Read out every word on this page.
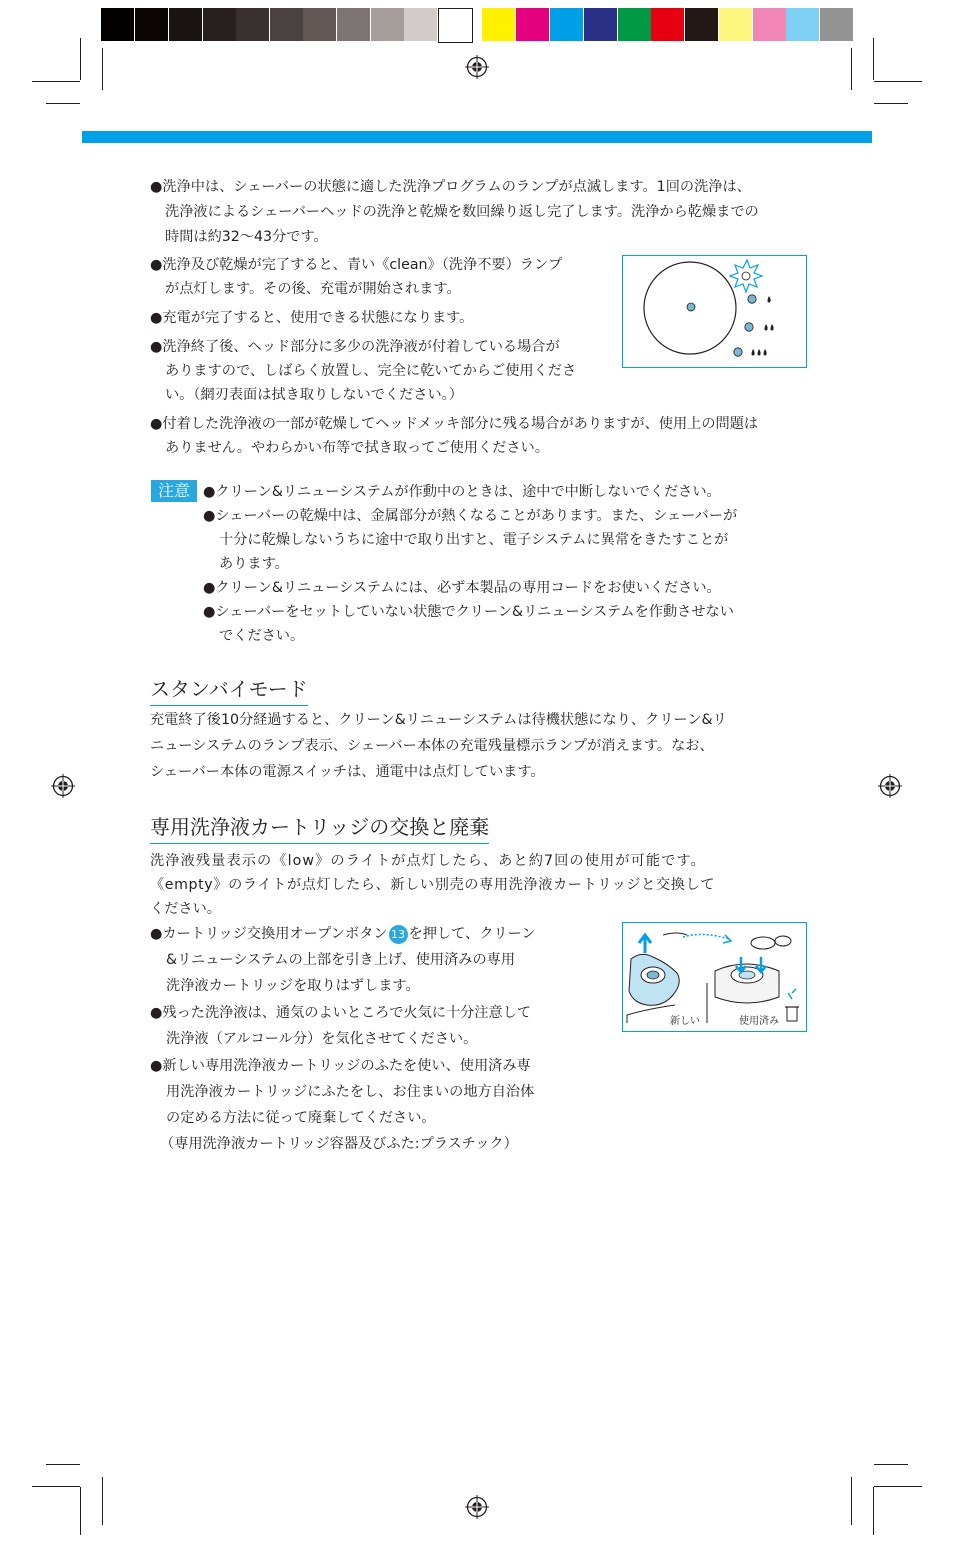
●洗浄中は、シェーバーの状態に適した洗浄プログラムのランプが点滅します。1回の洗浄は、
洗浄液によるシェーバーヘッドの洗浄と乾燥を数回繰り返し完了します。洗浄から乾燥までの
時間は約32〜43分です。
●洗浄及び乾燥が完了すると、青い《clean》（洗浄不要）ランプ
が点灯します。その後、充電が開始されます。
●充電が完了すると、使用できる状態になります。
●洗浄終了後、ヘッド部分に多少の洗浄液が付着している場合が
ありますので、しばらく放置し、完全に乾いてからご使用くださ
い。（網刃表面は拭き取りしないでください。）
●付着した洗浄液の一部が乾燥してヘッドメッキ部分に残る場合がありますが、使用上の問題は
ありません。やわらかい布等で拭き取ってご使用ください。
注意 ●クリーン&リニューシステムが作動中のときは、途中で中断しないでください。
●シェーバーの乾燥中は、金属部分が熱くなることがあります。また、シェーバーが
十分に乾燥しないうちに途中で取り出すと、電子システムに異常をきたすことが
あります。
●クリーン&リニューシステムには、必ず本製品の専用コードをお使いください。
●シェーバーをセットしていない状態でクリーン&リニューシステムを作動させない
でください。
スタンバイモード
充電終了後10分経過すると、クリーン&リニューシステムは待機状態になり、クリーン&リ
ニューシステムのランプ表示、シェーバー本体の充電残量標示ランプが消えます。なお、
シェーバー本体の電源スイッチは、通電中は点灯しています。
専用洗浄液カートリッジの交換と廃棄
洗浄液残量表示の《low》のライトが点灯したら、あと約7回の使用が可能です。
《empty》のライトが点灯したら、新しい別売の専用洗浄液カートリッジと交換して
ください。
●カートリッジ交換用オープンボタン 13 を押して、クリーン
&リニューシステムの上部を引き上げ、使用済みの専用
洗浄液カートリッジを取りはずします。
●残った洗浄液は、通気のよいところで火気に十分注意して
洗浄液（アルコール分）を気化させてください。
●新しい専用洗浄液カートリッジのふたを使い、使用済み専
用洗浄液カートリッジにふたをし、お住まいの地方自治体
の定める方法に従って廃棄してください。
（専用洗浄液カートリッジ容器及びふた:プラスチック）
新しい	使用済み
